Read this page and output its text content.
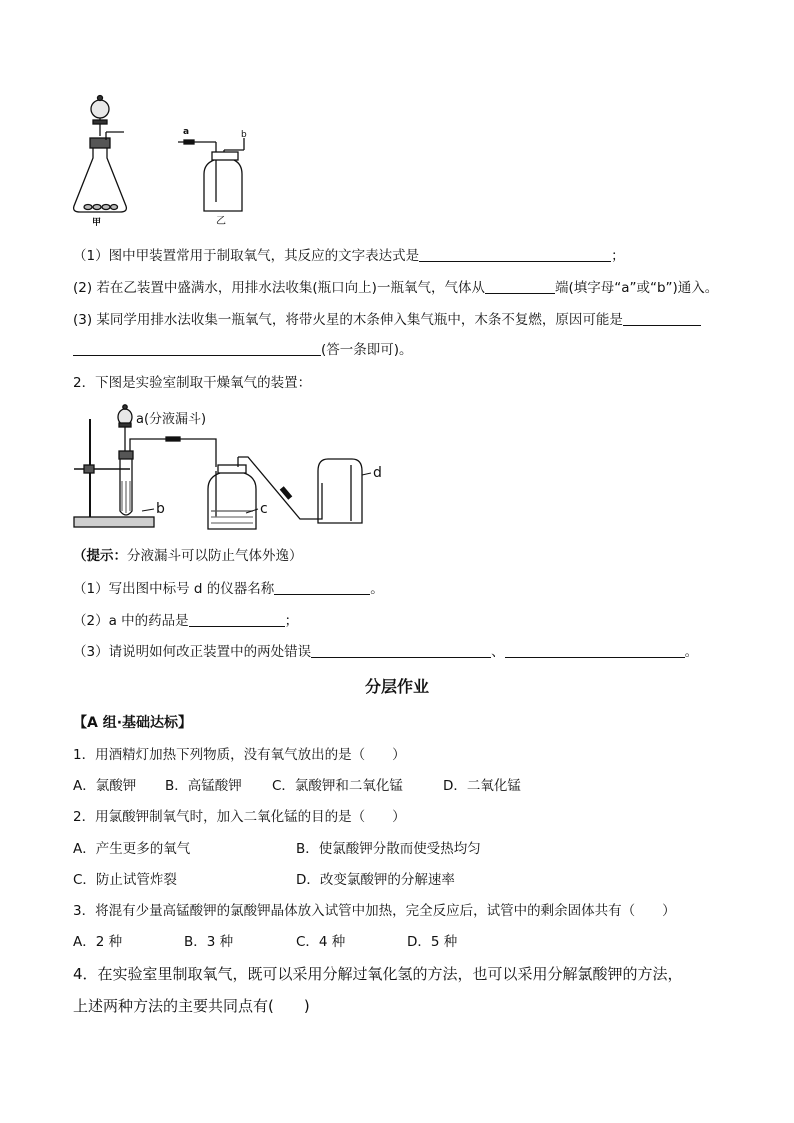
甲
a	b
乙
（1）图中甲装置常用于制取氧气，其反应的文字表达式是	；
(2) 若在乙装置中盛满水，用排水法收集(瓶口向上)一瓶氧气，气体从	端(填字母“a”或“b”)通入。
(3) 某同学用排水法收集一瓶氧气，将带火星的木条伸入集气瓶中，木条不复燃，原因可能是
(答一条即可)。
2．下图是实验室制取干燥氧气的装置：
a(分液漏斗)
b	c
d
（提示：分液漏斗可以防止气体外逸）
（1）写出图中标号 d 的仪器名称	。
（2）a 中的药品是	；
（3）请说明如何改正装置中的两处错误	、	。
分层作业
【A 组·基础达标】
1．用酒精灯加热下列物质，没有氧气放出的是（　　）
A．氯酸钾 B．高锰酸钾 C．氯酸钾和二氧化锰	D．二氧化锰
2．用氯酸钾制氧气时，加入二氧化锰的目的是（　　）
A．产生更多的氧气	B．使氯酸钾分散而使受热均匀
C．防止试管炸裂	D．改变氯酸钾的分解速率
3．将混有少量高锰酸钾的氯酸钾晶体放入试管中加热，完全反应后，试管中的剩余固体共有（　　）
A．2 种	B．3 种	C．4 种	D．5 种
4．在实验室里制取氧气，既可以采用分解过氧化氢的方法，也可以采用分解氯酸钾的方法，
上述两种方法的主要共同点有(　　)
